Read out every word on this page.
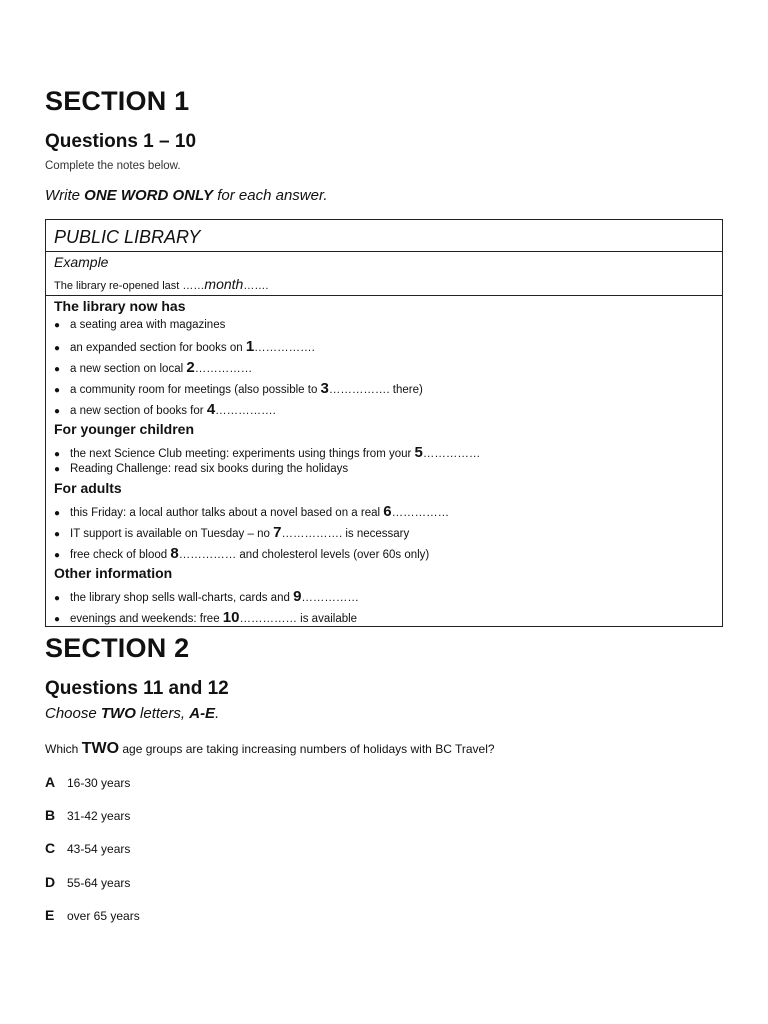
SECTION 1
Questions 1 – 10
Complete the notes below.
Write ONE WORD ONLY for each answer.
PUBLIC LIBRARY
Example
The library re-opened last ……month…….
The library now has
● a seating area with magazines
● an expanded section for books on 1…………….
● a new section on local 2……………
● a community room for meetings (also possible to 3……………. there)
● a new section of books for 4…………….
For younger children
● the next Science Club meeting: experiments using things from your 5……………
● Reading Challenge: read six books during the holidays
For adults
● this Friday: a local author talks about a novel based on a real 6……………
● IT support is available on Tuesday – no 7……………. is necessary
● free check of blood 8…………… and cholesterol levels (over 60s only)
Other information
● the library shop sells wall-charts, cards and 9……………
● evenings and weekends: free 10…………… is available
SECTION 2
Questions 11 and 12
Choose TWO letters, A-E.
Which TWO age groups are taking increasing numbers of holidays with BC Travel?
A 16-30 years
B 31-42 years
C 43-54 years
D 55-64 years
E over 65 years
